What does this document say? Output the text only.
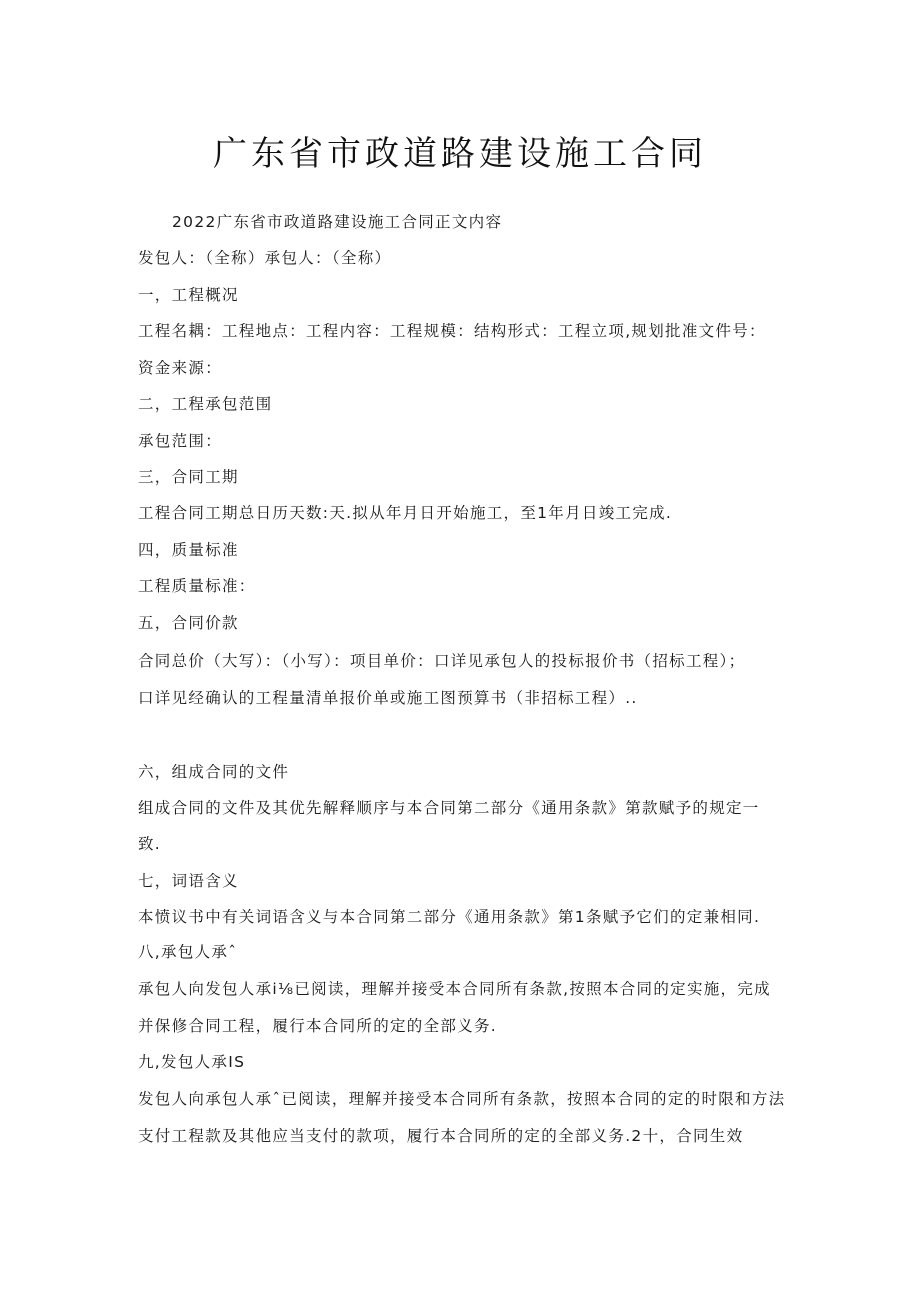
广东省市政道路建设施工合同
2022广东省市政道路建设施工合同正文内容
发包人：（全称）承包人：（全称）
一，工程概况
工程名耦：工程地点：工程内容：工程规模：结构形式：工程立项,规划批准文件号：
资金来源：
二，工程承包范围
承包范围：
三，合同工期
工程合同工期总日历天数:天.拟从年月日开始施工，至1年月日竣工完成.
四，质量标准
工程质量标准：
五，合同价款
合同总价（大写）：（小写）：项目单价：口详见承包人的投标报价书（招标工程）；
口详见经确认的工程量清单报价单或施工图预算书（非招标工程）..
六，组成合同的文件
组成合同的文件及其优先解释顺序与本合同第二部分《通用条款》第款赋予的规定一
致.
七，词语含义
本愤议书中有关词语含义与本合同第二部分《通用条款》第1条赋予它们的定兼相同.
八,承包人承ˆ
承包人向发包人承i⅛已阅读，理解并接受本合同所有条款,按照本合同的定实施，完成
并保修合同工程，履行本合同所的定的全部义务.
九,发包人承IS
发包人向承包人承ˆ已阅读，理解并接受本合同所有条款，按照本合同的定的时限和方法
支付工程款及其他应当支付的款项，履行本合同所的定的全部义务.2十，合同生效
